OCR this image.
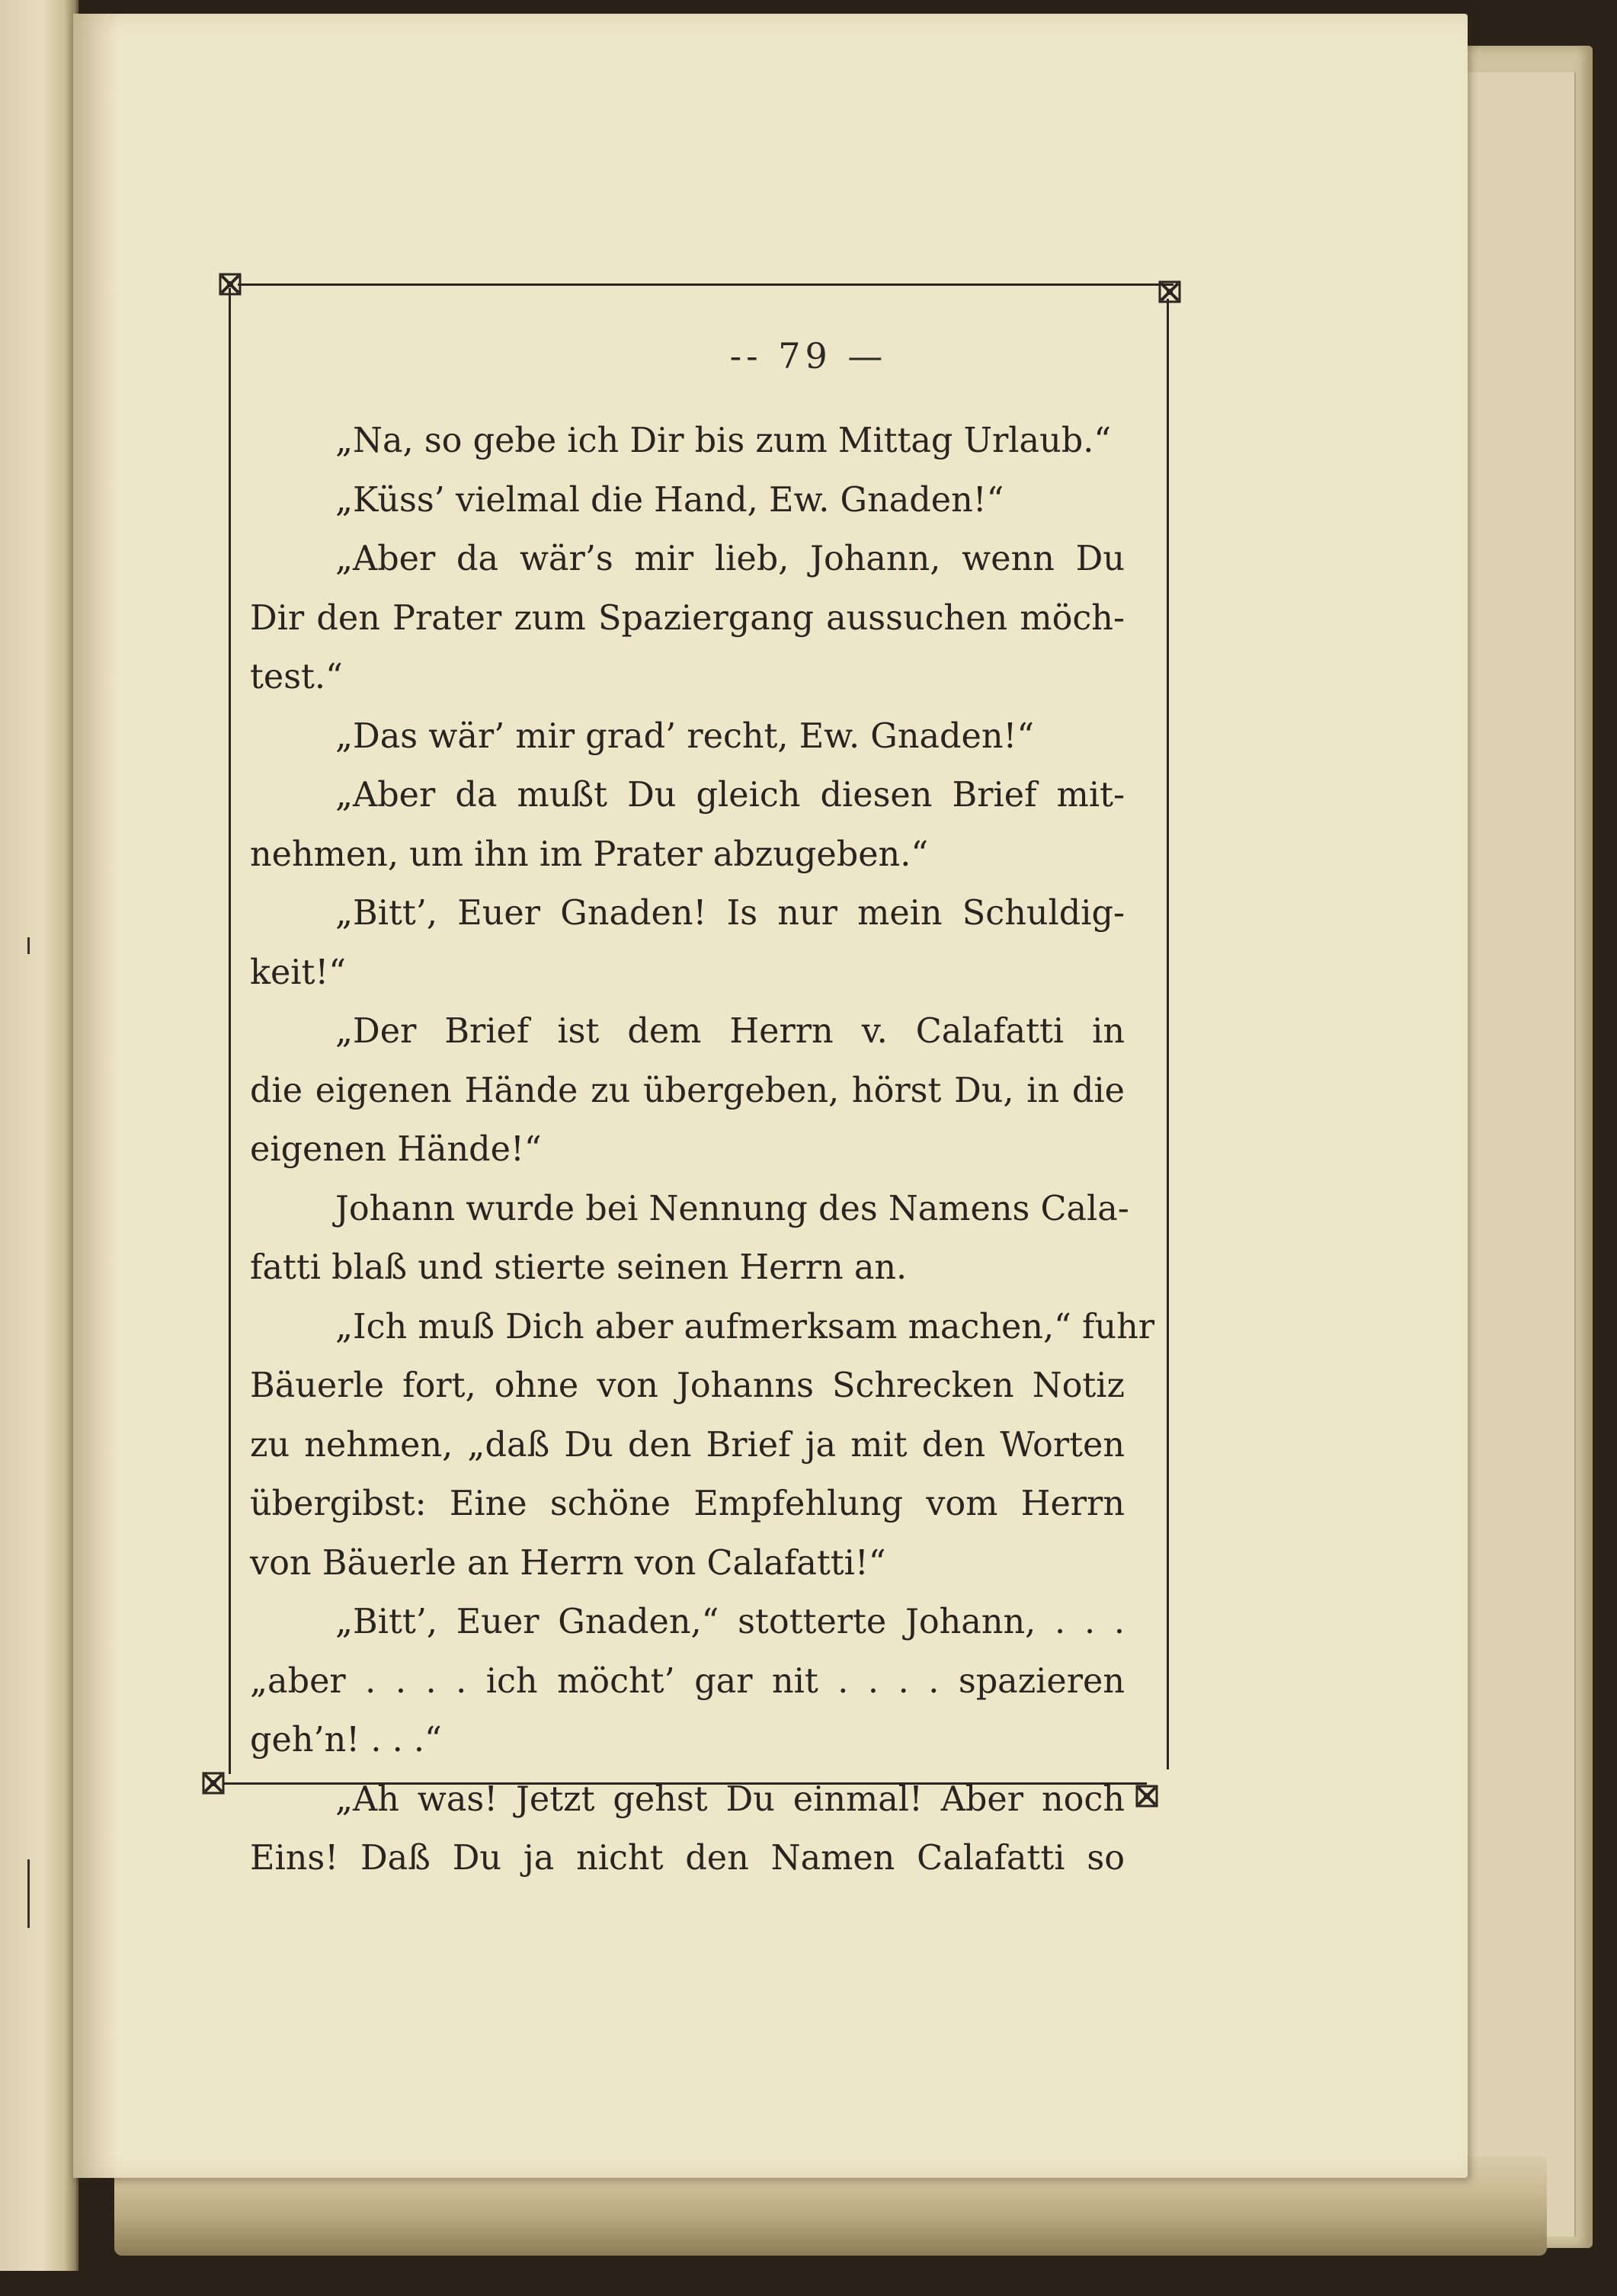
-- 79 —
„Na, so gebe ich Dir bis zum Mittag Urlaub.“
„Küss’ vielmal die Hand, Ew. Gnaden!“
„Aber da wär’s mir lieb, Johann, wenn Du
Dir den Prater zum Spaziergang aussuchen möch-
test.“
„Das wär’ mir grad’ recht, Ew. Gnaden!“
„Aber da mußt Du gleich diesen Brief mit-
nehmen, um ihn im Prater abzugeben.“
„Bitt’, Euer Gnaden! Is nur mein Schuldig-
keit!“
„Der Brief ist dem Herrn v. Calafatti in
die eigenen Hände zu übergeben, hörst Du, in die
eigenen Hände!“
Johann wurde bei Nennung des Namens Cala-
fatti blaß und stierte seinen Herrn an.
„Ich muß Dich aber aufmerksam machen,“ fuhr
Bäuerle fort, ohne von Johanns Schrecken Notiz
zu nehmen, „daß Du den Brief ja mit den Worten
übergibst: Eine schöne Empfehlung vom Herrn
von Bäuerle an Herrn von Calafatti!“
„Bitt’, Euer Gnaden,“ stotterte Johann, . . .
„aber . . . . ich möcht’ gar nit . . . . spazieren
geh’n! . . .“
„Ah was! Jetzt gehst Du einmal! Aber noch
Eins! Daß Du ja nicht den Namen Calafatti so
